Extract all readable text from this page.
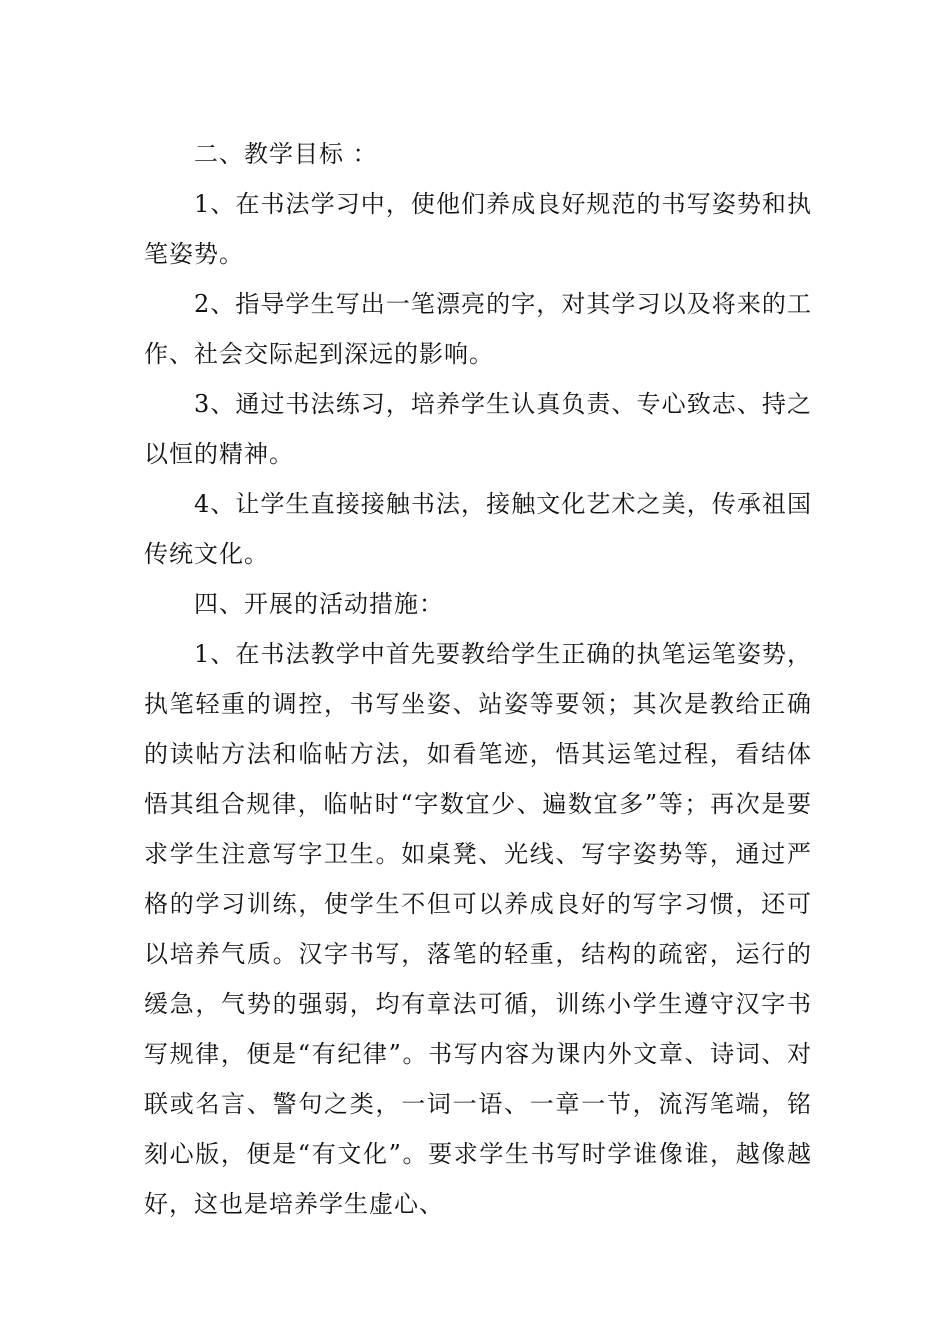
二、教学目标 ：

1、在书法学习中，使他们养成良好规范的书写姿势和执笔姿势。

2、指导学生写出一笔漂亮的字，对其学习以及将来的工作、社会交际起到深远的影响。

3、通过书法练习，培养学生认真负责、专心致志、持之以恒的精神。

4、让学生直接接触书法，接触文化艺术之美，传承祖国传统文化。

四、开展的活动措施：

1、在书法教学中首先要教给学生正确的执笔运笔姿势，执笔轻重的调控，书写坐姿、站姿等要领；其次是教给正确的读帖方法和临帖方法，如看笔迹，悟其运笔过程，看结体悟其组合规律，临帖时“字数宜少、遍数宜多”等；再次是要求学生注意写字卫生。如桌凳、光线、写字姿势等，通过严格的学习训练，使学生不但可以养成良好的写字习惯，还可以培养气质。汉字书写，落笔的轻重，结构的疏密，运行的缓急，气势的强弱，均有章法可循，训练小学生遵守汉字书写规律，便是“有纪律”。书写内容为课内外文章、诗词、对联或名言、警句之类，一词一语、一章一节，流泻笔端，铭刻心版，便是“有文化”。要求学生书写时学谁像谁，越像越好，这也是培养学生虚心、
